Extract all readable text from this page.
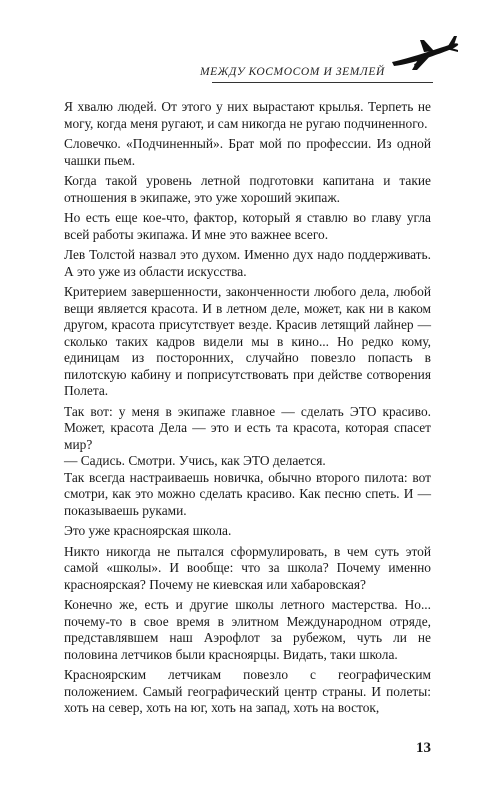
МЕЖДУ КОСМОСОМ И ЗЕМЛЕЙ

Я хвалю людей. От этого у них вырастают крылья. Терпеть не могу, когда меня ругают, и сам никогда не ругаю подчиненного.

Словечко. «Подчиненный». Брат мой по профессии. Из одной чашки пьем.

Когда такой уровень летной подготовки капитана и такие отношения в экипаже, это уже хороший экипаж.

Но есть еще кое-что, фактор, который я ставлю во главу угла всей работы экипажа. И мне это важнее всего.

Лев Толстой назвал это духом. Именно дух надо поддерживать. А это уже из области искусства.

Критерием завершенности, законченности любого дела, любой вещи является красота. И в летном деле, может, как ни в каком другом, красота присутствует везде. Красив летящий лайнер — сколько таких кадров видели мы в кино... Но редко кому, единицам из посторонних, случайно повезло попасть в пилотскую кабину и поприсутствовать при действе сотворения Полета.

Так вот: у меня в экипаже главное — сделать ЭТО красиво. Может, красота Дела — это и есть та красота, которая спасет мир?

— Садись. Смотри. Учись, как ЭТО делается.

Так всегда настраиваешь новичка, обычно второго пилота: вот смотри, как это можно сделать красиво. Как песню спеть. И — показываешь руками.

Это уже красноярская школа.

Никто никогда не пытался сформулировать, в чем суть этой самой «школы». И вообще: что за школа? Почему именно красноярская? Почему не киевская или хабаровская?

Конечно же, есть и другие школы летного мастерства. Но... почему-то в свое время в элитном Международном отряде, представлявшем наш Аэрофлот за рубежом, чуть ли не половина летчиков были красноярцы. Видать, таки школа.

Красноярским летчикам повезло с географическим положением. Самый географический центр страны. И полеты: хоть на север, хоть на юг, хоть на запад, хоть на восток,

13
